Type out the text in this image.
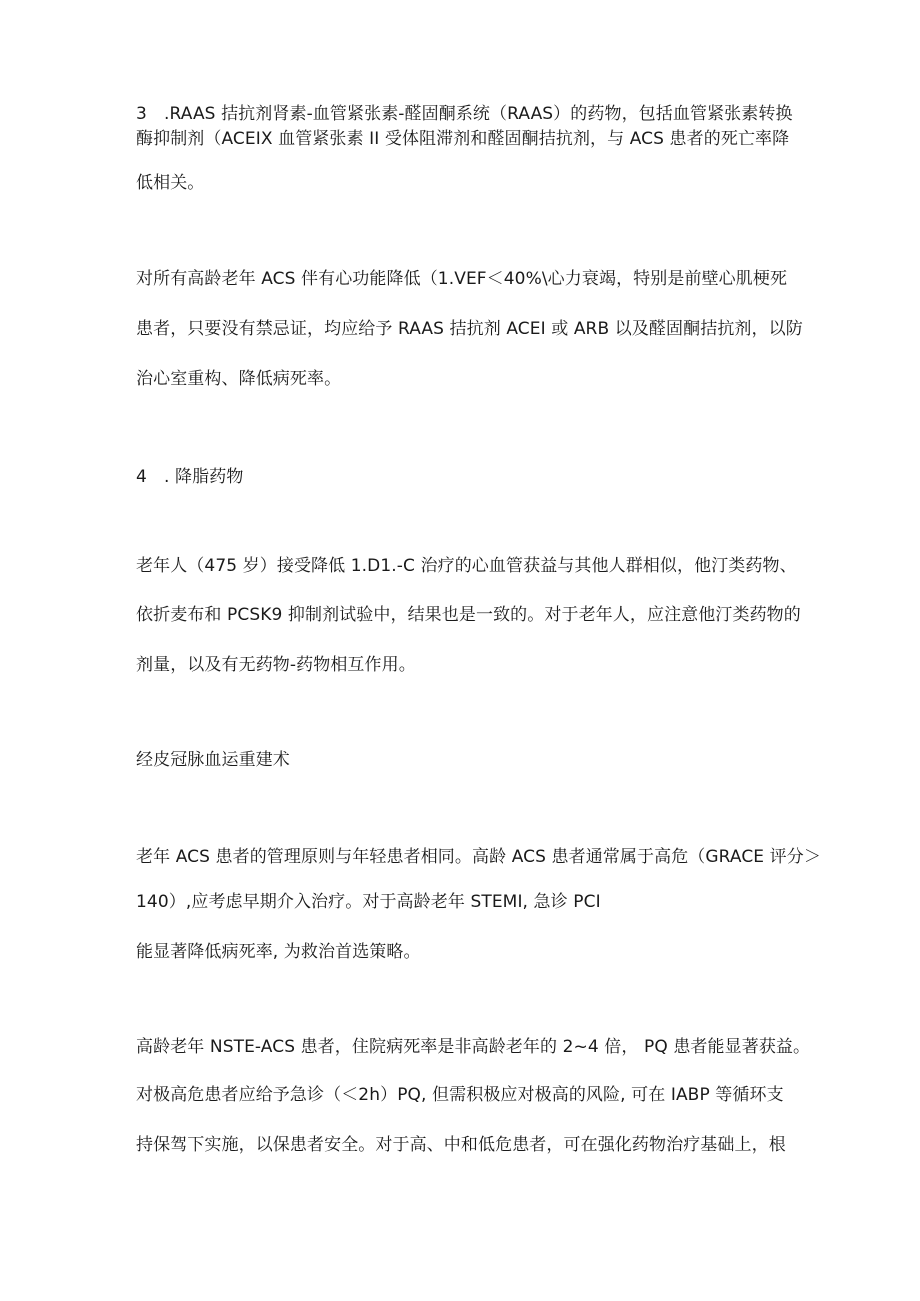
3　.RAAS 拮抗剂肾素-血管紧张素-醛固酮系统（RAAS）的药物，包括血管紧张素转换
酶抑制剂（ACEIX 血管紧张素 II 受体阻滞剂和醛固酮拮抗剂，与 ACS 患者的死亡率降
低相关。
对所有高龄老年 ACS 伴有心功能降低（1.VEF＜40%\心力衰竭，特别是前壁心肌梗死
患者，只要没有禁忌证，均应给予 RAAS 拮抗剂 ACEI 或 ARB 以及醛固酮拮抗剂，以防
治心室重构、降低病死率。
4　. 降脂药物
老年人（475 岁）接受降低 1.D1.-C 治疗的心血管获益与其他人群相似，他汀类药物、
依折麦布和 PCSK9 抑制剂试验中，结果也是一致的。对于老年人，应注意他汀类药物的
剂量，以及有无药物-药物相互作用。
经皮冠脉血运重建术
老年 ACS 患者的管理原则与年轻患者相同。高龄 ACS 患者通常属于高危（GRACE 评分＞
140）,应考虑早期介入治疗。对于高龄老年 STEMI, 急诊 PCI
能显著降低病死率, 为救治首选策略。
高龄老年 NSTE-ACS 患者，住院病死率是非高龄老年的 2~4 倍， PQ 患者能显著获益。
对极高危患者应给予急诊（＜2h）PQ, 但需积极应对极高的风险, 可在 IABP 等循环支
持保驾下实施，以保患者安全。对于高、中和低危患者，可在强化药物治疗基础上，根
